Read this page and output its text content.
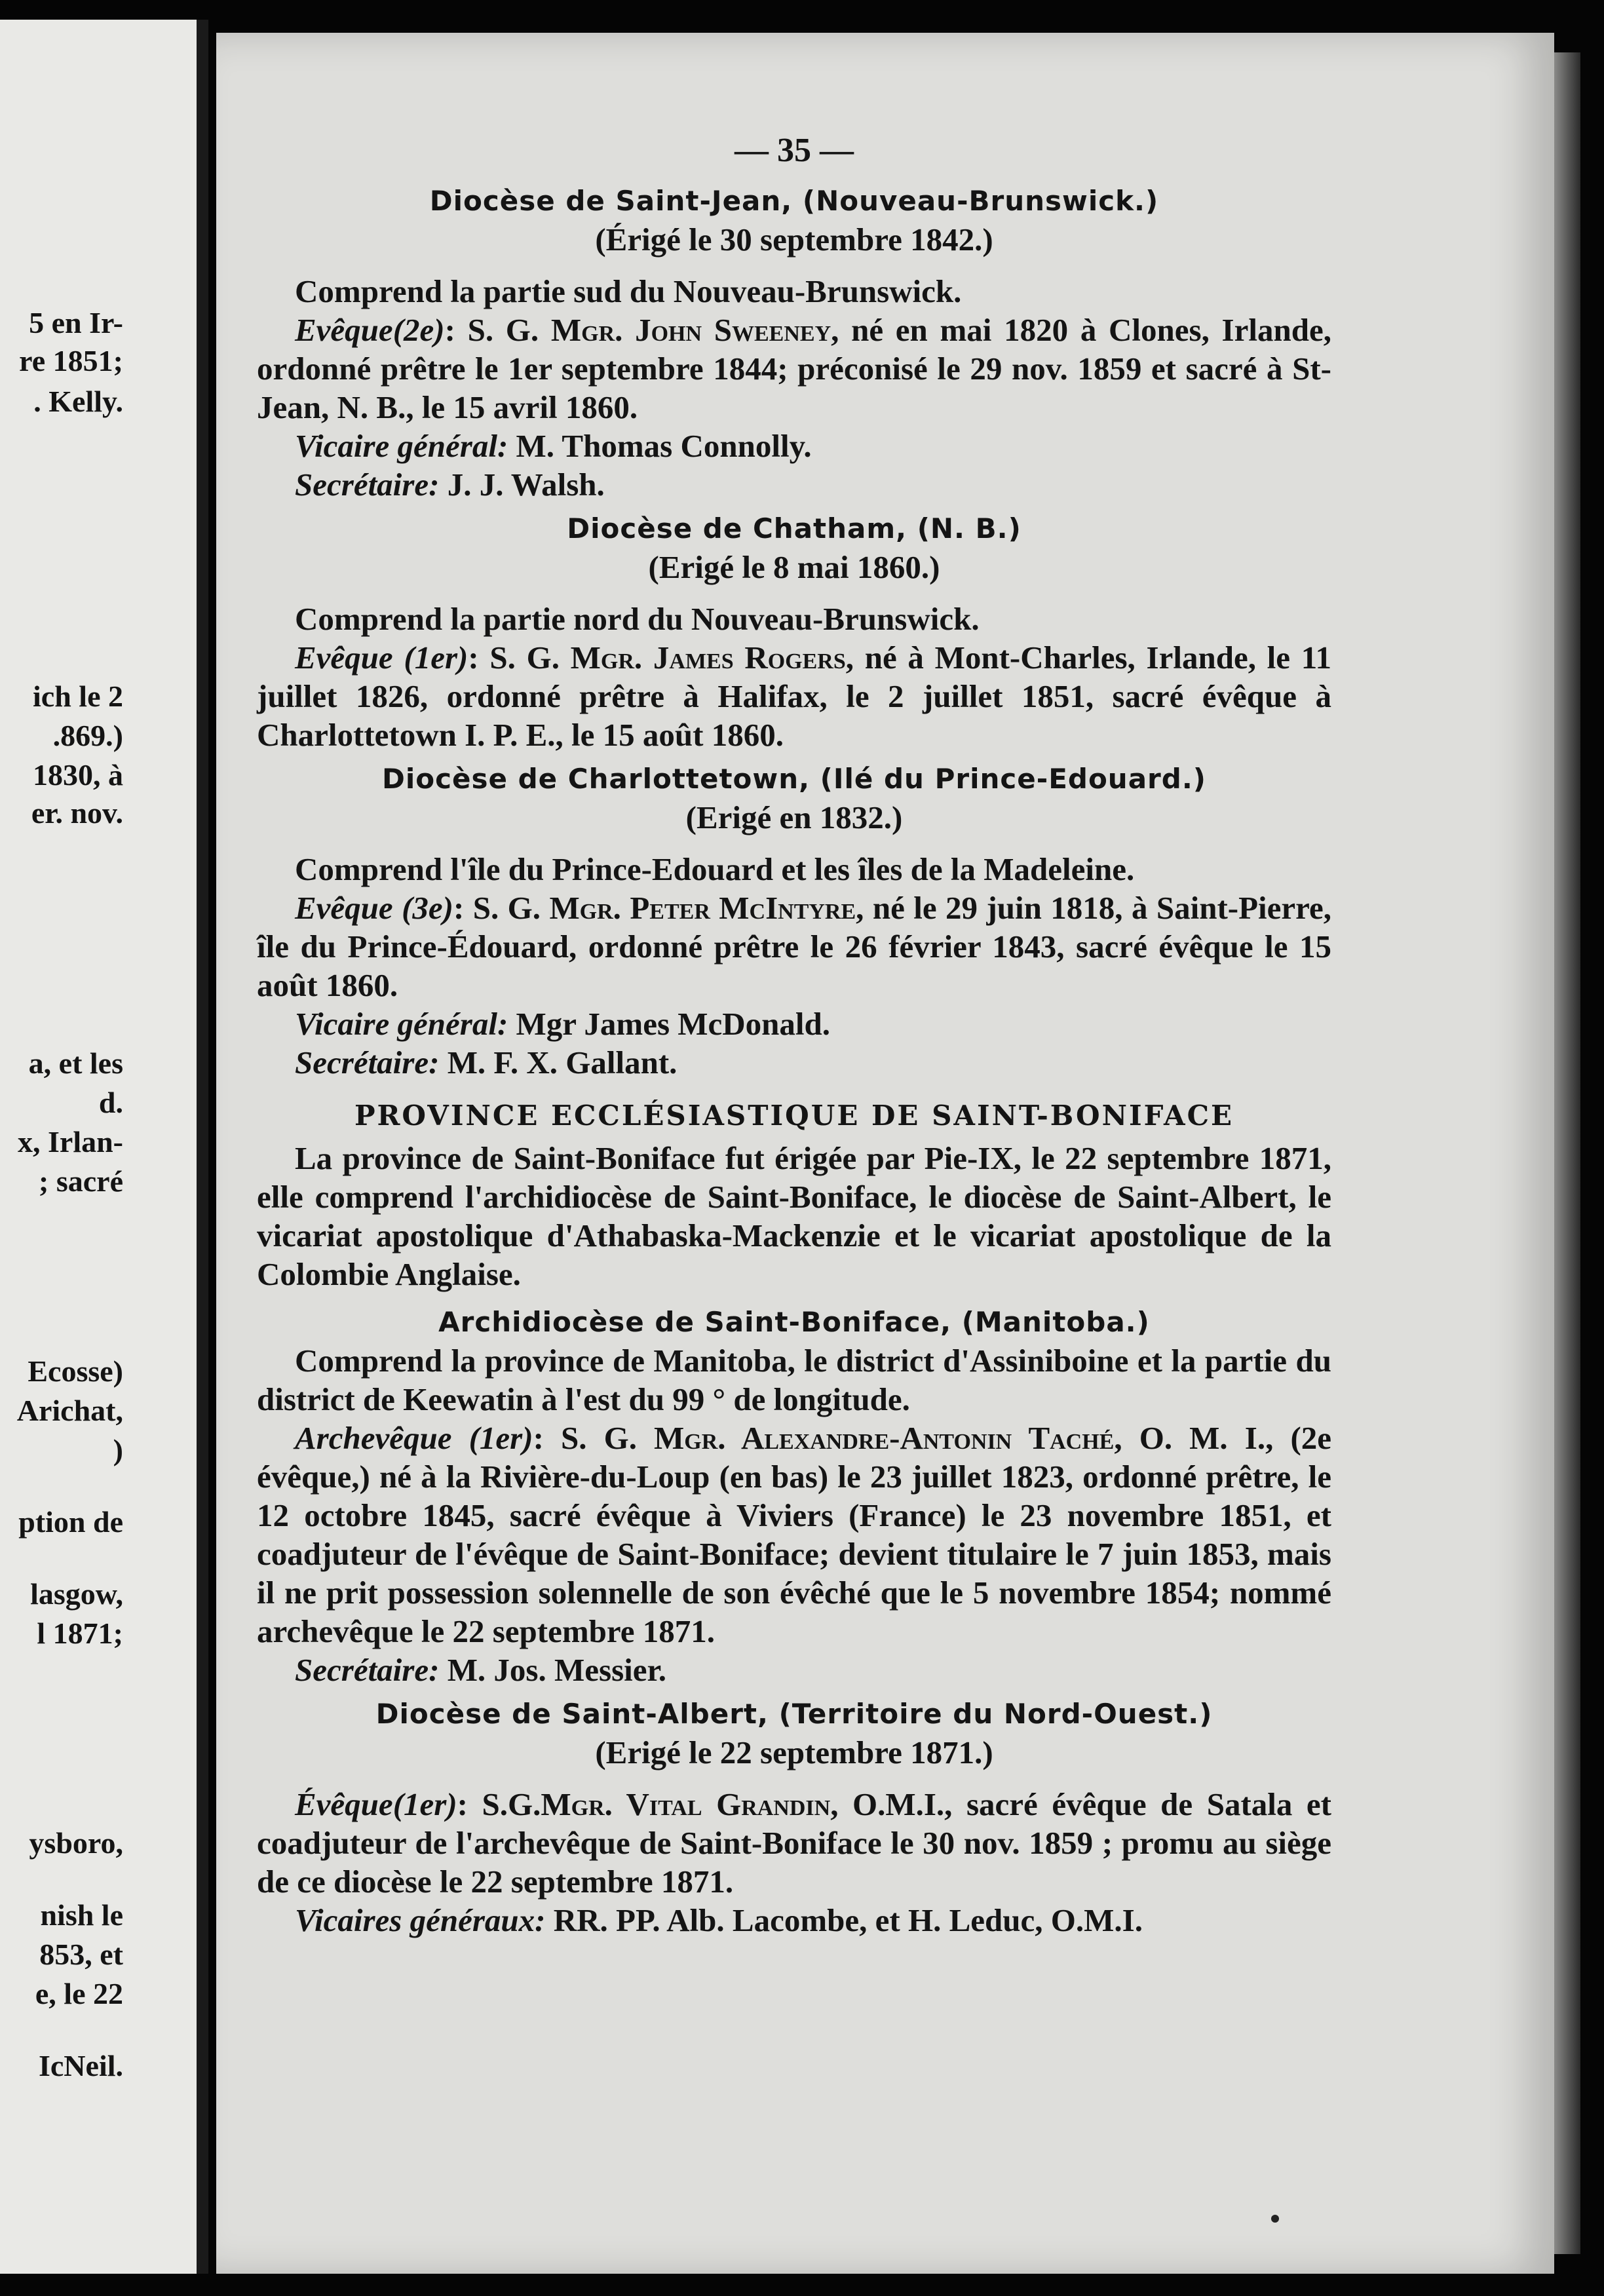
5 en Ir-
re 1851;
. Kelly.
ich le 2
.869.)
1830, à
er. nov.
a, et les
d.
x, Irlan-
; sacré
Ecosse)
Arichat,
)
ption de
lasgow,
l 1871;
ysboro,
nish le
853, et
e, le 22
IcNeil.
— 35 —
Diocèse de Saint-Jean, (Nouveau-Brunswick.)
(Érigé le 30 septembre 1842.)

Comprend la partie sud du Nouveau-Brunswick.

Evêque(2e): S. G. Mgr. John Sweeney, né en mai 1820 à Clones, Irlande, ordonné prêtre le 1er septembre 1844; préconisé le 29 nov. 1859 et sacré à St-Jean, N. B., le 15 avril 1860.

Vicaire général: M. Thomas Connolly.

Secrétaire: J. J. Walsh.

Diocèse de Chatham, (N. B.)
(Erigé le 8 mai 1860.)

Comprend la partie nord du Nouveau-Brunswick.

Evêque (1er): S. G. Mgr. James Rogers, né à Mont-Charles, Irlande, le 11 juillet 1826, ordonné prêtre à Halifax, le 2 juillet 1851, sacré évêque à Charlottetown I. P. E., le 15 août 1860.

Diocèse de Charlottetown, (Ilé du Prince-Edouard.)
(Erigé en 1832.)

Comprend l'île du Prince-Edouard et les îles de la Madeleine.

Evêque (3e): S. G. Mgr. Peter McIntyre, né le 29 juin 1818, à Saint-Pierre, île du Prince-Édouard, ordonné prêtre le 26 février 1843, sacré évêque le 15 août 1860.

Vicaire général: Mgr James McDonald.

Secrétaire: M. F. X. Gallant.

PROVINCE ECCLÉSIASTIQUE DE SAINT-BONIFACE

La province de Saint-Boniface fut érigée par Pie-IX, le 22 septembre 1871, elle comprend l'archidiocèse de Saint-Boniface, le diocèse de Saint-Albert, le vicariat apostolique d'Athabaska-Mackenzie et le vicariat apostolique de la Colombie Anglaise.

Archidiocèse de Saint-Boniface, (Manitoba.)

Comprend la province de Manitoba, le district d'Assiniboine et la partie du district de Keewatin à l'est du 99 ° de longitude.

Archevêque (1er): S. G. Mgr. Alexandre-Antonin Taché, O. M. I., (2e évêque,) né à la Rivière-du-Loup (en bas) le 23 juillet 1823, ordonné prêtre, le 12 octobre 1845, sacré évêque à Viviers (France) le 23 novembre 1851, et coadjuteur de l'évêque de Saint-Boniface; devient titulaire le 7 juin 1853, mais il ne prit possession solennelle de son évêché que le 5 novembre 1854; nommé archevêque le 22 septembre 1871.

Secrétaire: M. Jos. Messier.

Diocèse de Saint-Albert, (Territoire du Nord-Ouest.)
(Erigé le 22 septembre 1871.)

Évêque(1er): S.G.Mgr. Vital Grandin, O.M.I., sacré évêque de Satala et coadjuteur de l'archevêque de Saint-Boniface le 30 nov. 1859 ; promu au siège de ce diocèse le 22 septembre 1871.

Vicaires généraux: RR. PP. Alb. Lacombe, et H. Leduc, O.M.I.
